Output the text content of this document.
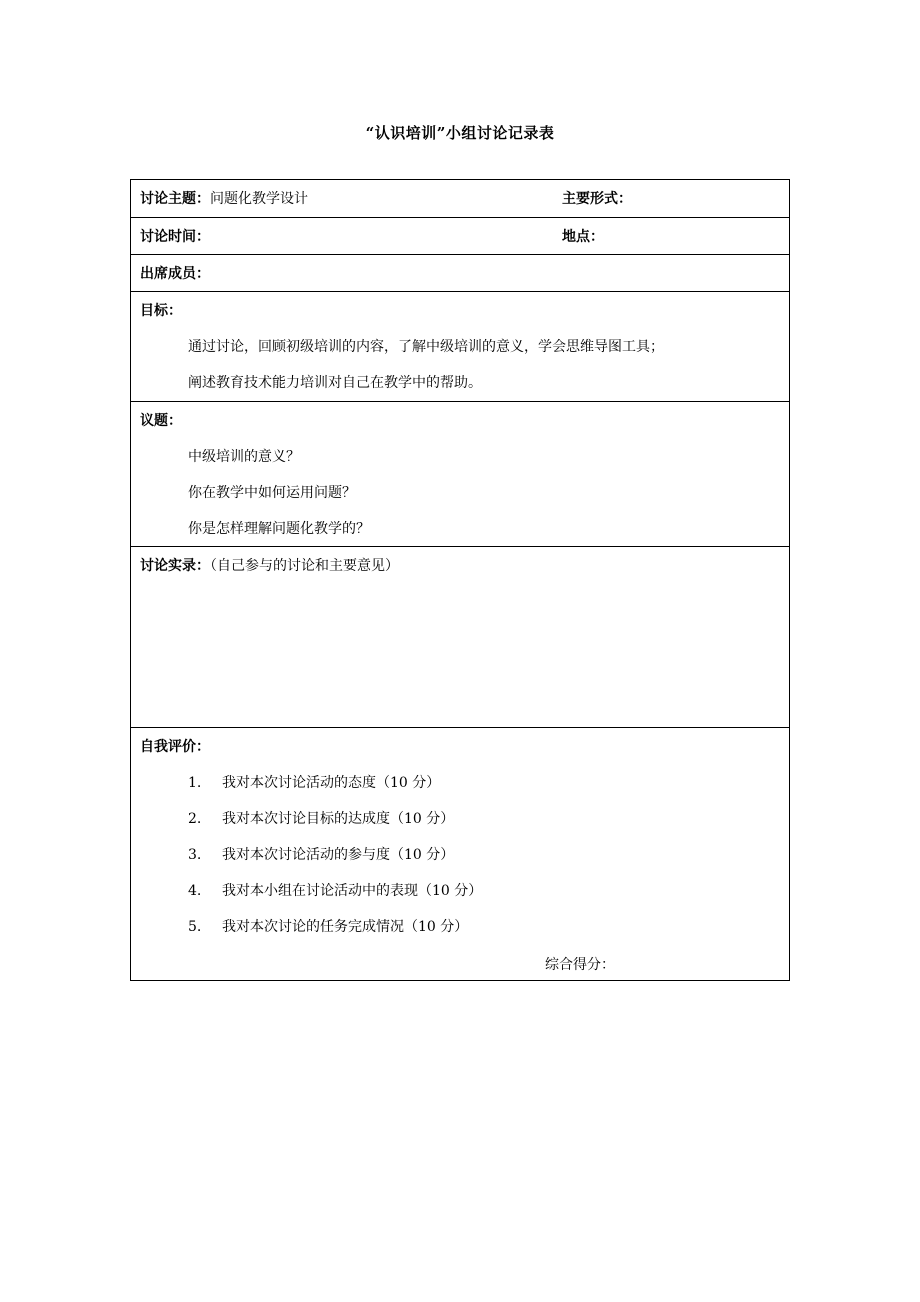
“认识培训”小组讨论记录表
讨论主题：问题化教学设计	主要形式：
讨论时间：	地点：
出席成员：
目标：
通过讨论，回顾初级培训的内容，了解中级培训的意义，学会思维导图工具；
阐述教育技术能力培训对自己在教学中的帮助。
议题：
中级培训的意义？
你在教学中如何运用问题？
你是怎样理解问题化教学的？
讨论实录：（自己参与的讨论和主要意见）
自我评价：
1. 我对本次讨论活动的态度（10 分）
2. 我对本次讨论目标的达成度（10 分）
3. 我对本次讨论活动的参与度（10 分）
4. 我对本小组在讨论活动中的表现（10 分）
5. 我对本次讨论的任务完成情况（10 分）
综合得分：
